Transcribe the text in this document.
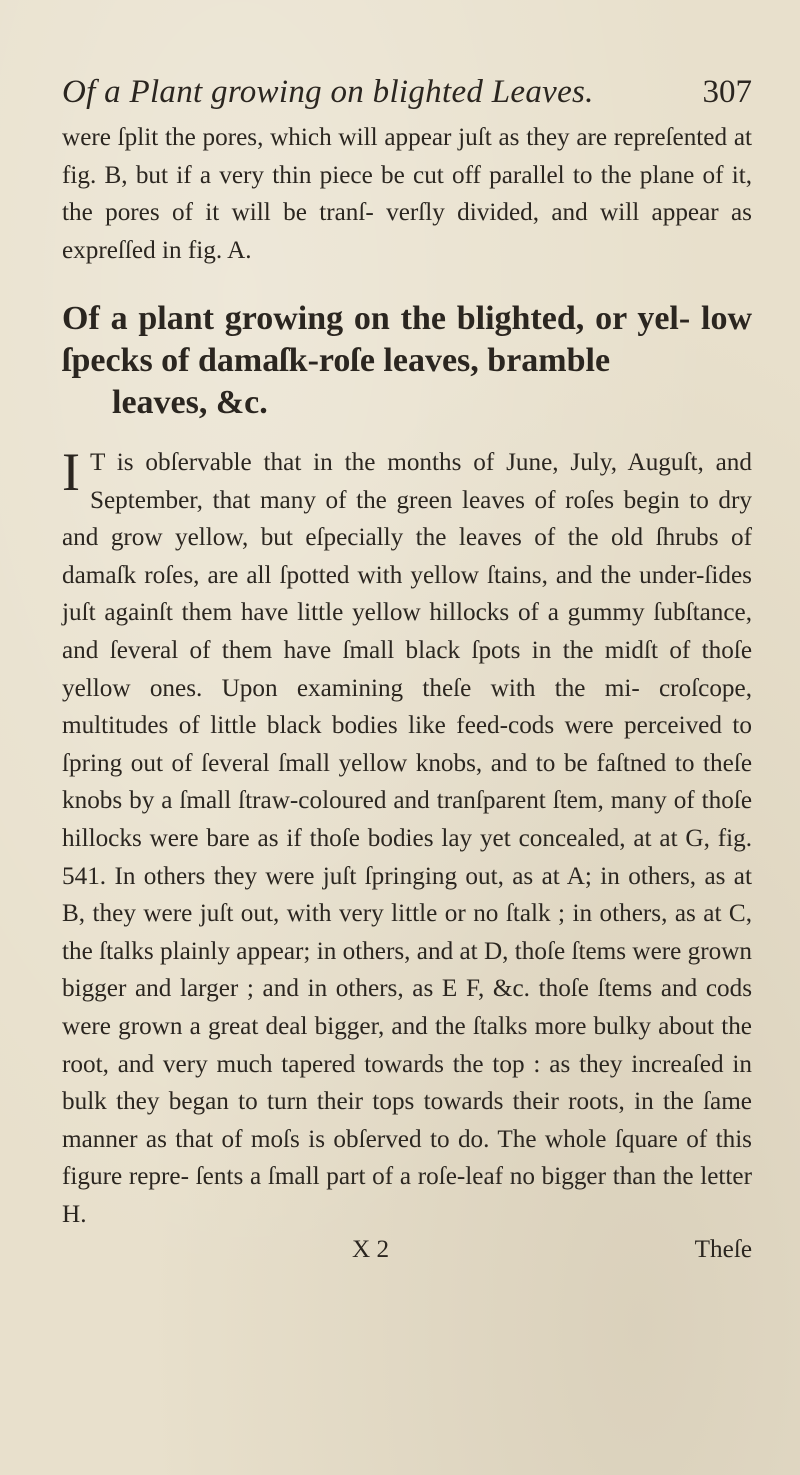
Of a Plant growing on blighted Leaves.	307

were ſplit the pores, which will appear juſt as they are repreſented at fig. B, but if a very thin piece be cut off parallel to the plane of it, the pores of it will be tranſ- verſly divided, and will appear as expreſſed in fig. A.

Of a plant growing on the blighted, or yel- low ſpecks of damaſk-roſe leaves, bramble
leaves, &c.

I T is obſervable that in the months of June, July, Auguſt, and September, that many of the green leaves of roſes begin to dry and grow yellow, but eſpecially the leaves of the old ſhrubs of damaſk roſes, are all ſpotted with yellow ſtains, and the under-ſides juſt againſt them have little yellow hillocks of a gummy ſubſtance, and ſeveral of them have ſmall black ſpots in the midſt of thoſe yellow ones. Upon examining theſe with the mi- croſcope, multitudes of little black bodies like feed-cods were perceived to ſpring out of ſeveral ſmall yellow knobs, and to be faſtned to theſe knobs by a ſmall ſtraw-coloured and tranſparent ſtem, many of thoſe hillocks were bare as if thoſe bodies lay yet concealed, at at G, fig. 541. In others they were juſt ſpringing out, as at A; in others, as at B, they were juſt out, with very little or no ſtalk ; in others, as at C, the ſtalks plainly appear; in others, and at D, thoſe ſtems were grown bigger and larger ; and in others, as E F, &c. thoſe ſtems and cods were grown a great deal bigger, and the ſtalks more bulky about the root, and very much tapered towards the top : as they increaſed in bulk they began to turn their tops towards their roots, in the ſame manner as that of moſs is obſerved to do. The whole ſquare of this figure repre- ſents a ſmall part of a roſe-leaf no bigger than the letter H.

X 2	Theſe
